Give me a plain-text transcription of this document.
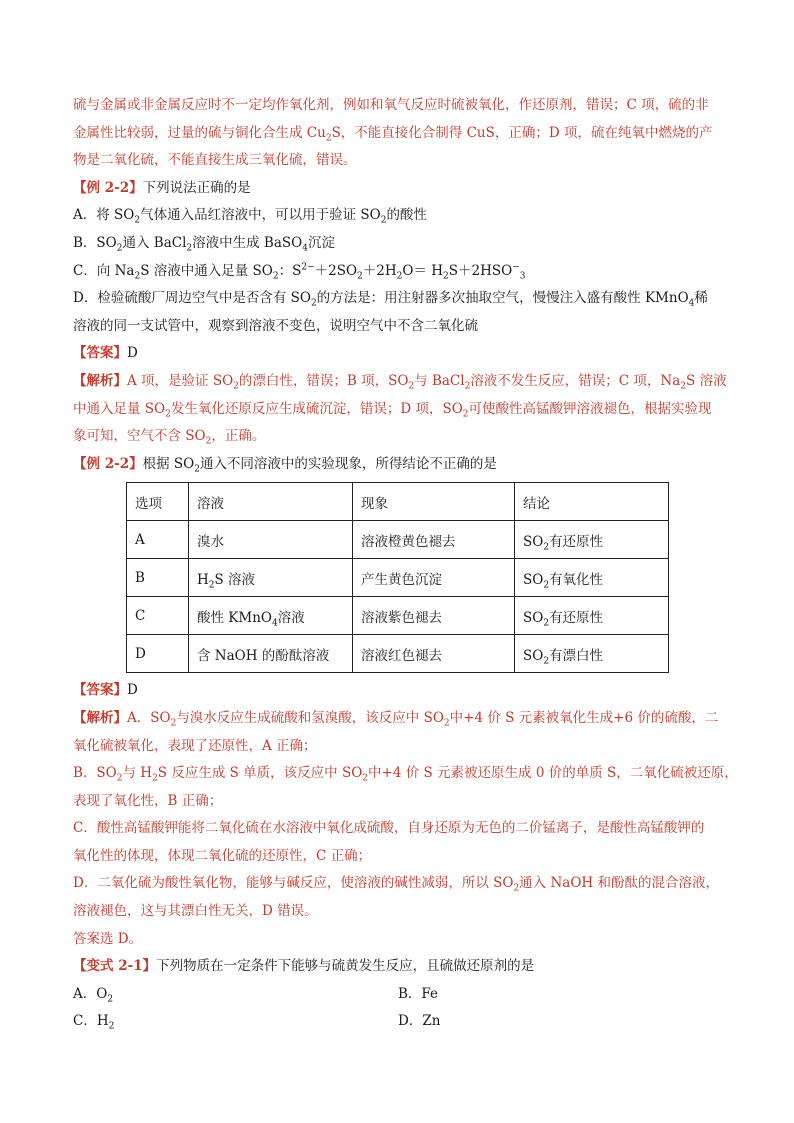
硫与金属或非金属反应时不一定均作氧化剂，例如和氧气反应时硫被氧化，作还原剂，错误；C 项，硫的非
金属性比较弱，过量的硫与铜化合生成 $Cu_2S$，不能直接化合制得 CuS，正确；D 项，硫在纯氧中燃烧的产
物是二氧化硫，不能直接生成三氧化硫，错误。
【例 2-2】下列说法正确的是
A．将 $SO_2$气体通入品红溶液中，可以用于验证 $SO_2$的酸性
B．$SO_2$通入 BaCl$_2$溶液中生成 BaSO$_4$沉淀
C．向 $Na_2S$ 溶液中通入足量 $SO_2$：$S^{2-}+2SO_2+2H_2O= H_2S+2HSO^-_3$
D．检验硫酸厂周边空气中是否含有 $SO_2$的方法是：用注射器多次抽取空气，慢慢注入盛有酸性 KMnO$_4$稀
溶液的同一支试管中，观察到溶液不变色，说明空气中不含二氧化硫
【答案】D
【解析】A 项，是验证 $SO_2$的漂白性，错误；B 项，$SO_2$与 BaCl$_2$溶液不发生反应，错误；C 项，$Na_2S$ 溶液
中通入足量 $SO_2$发生氧化还原反应生成硫沉淀，错误；D 项，$SO_2$可使酸性高锰酸钾溶液褪色，根据实验现
象可知，空气不含 $SO_2$，正确。
【例 2-2】根据 $SO_2$通入不同溶液中的实验现象，所得结论不正确的是
选项	溶液	现象	结论
A	溴水	溶液橙黄色褪去	$SO_2$有还原性
B	$H_2S$ 溶液	产生黄色沉淀	$SO_2$有氧化性
C	酸性 KMnO$_4$溶液	溶液紫色褪去	$SO_2$有还原性
D	含 NaOH 的酚酞溶液	溶液红色褪去	$SO_2$有漂白性
【答案】D
【解析】A．$SO_2$与溴水反应生成硫酸和氢溴酸，该反应中 $SO_2$中+4 价 S 元素被氧化生成+6 价的硫酸，二
氧化硫被氧化，表现了还原性，A 正确；
B．$SO_2$与 $H_2S$ 反应生成 S 单质，该反应中 $SO_2$中+4 价 S 元素被还原生成 0 价的单质 S，二氧化硫被还原，
表现了氧化性，B 正确；
C．酸性高锰酸钾能将二氧化硫在水溶液中氧化成硫酸，自身还原为无色的二价锰离子，是酸性高锰酸钾的
氧化性的体现，体现二氧化硫的还原性，C 正确；
D．二氧化硫为酸性氧化物，能够与碱反应，使溶液的碱性减弱，所以 $SO_2$通入 NaOH 和酚酞的混合溶液，
溶液褪色，这与其漂白性无关，D 错误。
答案选 D。
【变式 2-1】下列物质在一定条件下能够与硫黄发生反应，且硫做还原剂的是
A．$O_2$	B．Fe
C．$H_2$	D．Zn
